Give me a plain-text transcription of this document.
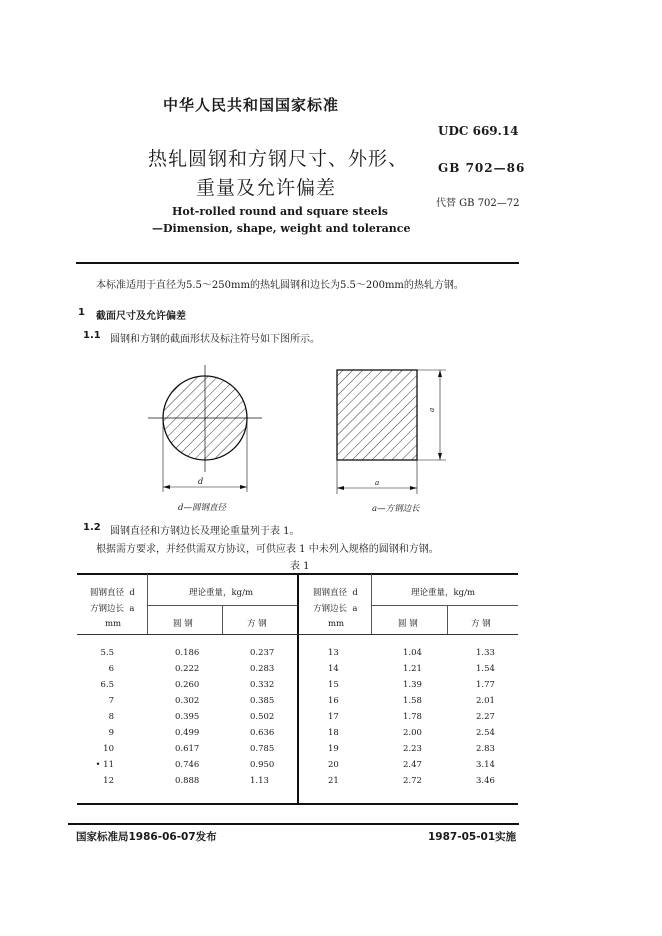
中华人民共和国国家标准
热轧圆钢和方钢尺寸、外形、
重量及允许偏差
Hot-rolled round and square steels
—Dimension, shape, weight and tolerance
UDC 669.14
GB 702—86
代替 GB 702—72
本标准适用于直径为5.5～250mm的热轧圆钢和边长为5.5～200mm的热轧方钢。
1 截面尺寸及允许偏差
1.1 圆钢和方钢的截面形状及标注符号如下图所示。
d	a
a
d—圆钢直径	a—方钢边长
1.2 圆钢直径和方钢边长及理论重量列于表 1。
根据需方要求，并经供需双方协议，可供应表 1 中未列入规格的圆钢和方钢。
表 1
圆钢直径  d
方钢边长  a
mm
理论重量，kg/m
圆 钢	方 钢
圆钢直径  d
方钢边长  a
mm
理论重量，kg/m
圆 钢	方 钢
5.5	0.186	0.237
6	0.222	0.283
6.5	0.260	0.332
7	0.302	0.385
8	0.395	0.502
9	0.499	0.636
10	0.617	0.785
• 11	0.746	0.950
12	0.888	1.13
13	1.04	1.33
14	1.21	1.54
15	1.39	1.77
16	1.58	2.01
17	1.78	2.27
18	2.00	2.54
19	2.23	2.83
20	2.47	3.14
21	2.72	3.46
国家标准局1986-06-07发布	1987-05-01实施
